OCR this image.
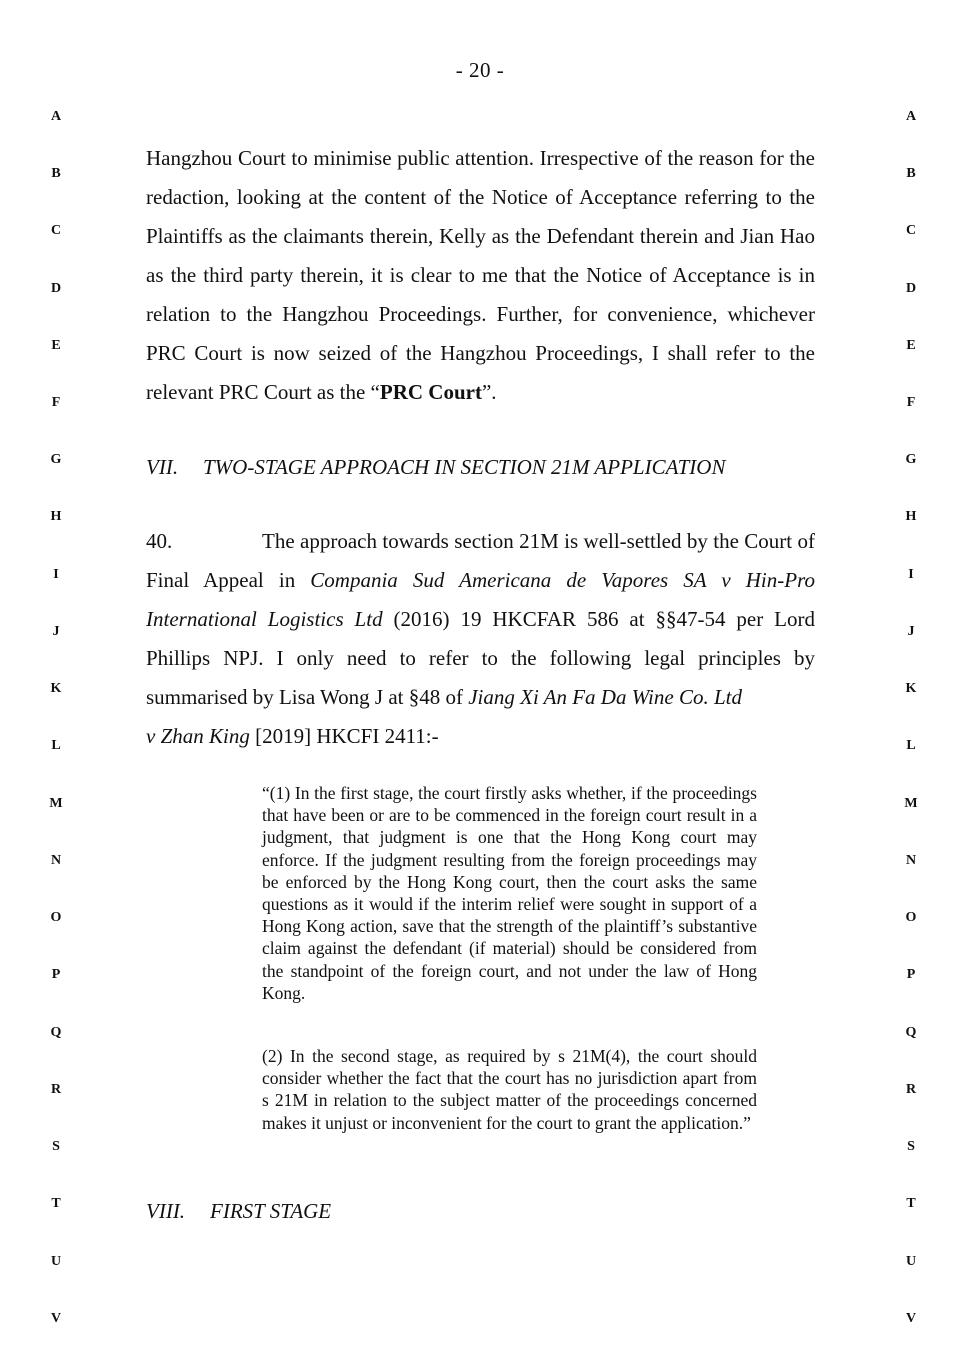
- 20 -
A
B
C
D
E
F
G
H
I
J
K
L
M
N
O
P
Q
R
S
T
U
V
A
B
C
D
E
F
G
H
I
J
K
L
M
N
O
P
Q
R
S
T
U
V
Hangzhou Court to minimise public attention. Irrespective of the reason for the redaction, looking at the content of the Notice of Acceptance referring to the Plaintiffs as the claimants therein, Kelly as the Defendant therein and Jian Hao as the third party therein, it is clear to me that the Notice of Acceptance is in relation to the Hangzhou Proceedings. Further, for convenience, whichever PRC Court is now seized of the Hangzhou Proceedings, I shall refer to the relevant PRC Court as the “PRC Court”.
VII. TWO-STAGE APPROACH IN SECTION 21M APPLICATION
40.	The approach towards section 21M is well-settled by the Court of Final Appeal in Compania Sud Americana de Vapores SA v Hin-Pro International Logistics Ltd (2016) 19 HKCFAR 586 at §§47-54 per Lord Phillips NPJ. I only need to refer to the following legal principles by summarised by Lisa Wong J at §48 of Jiang Xi An Fa Da Wine Co. Ltd
v Zhan King [2019] HKCFI 2411:-

“(1) In the first stage, the court firstly asks whether, if the proceedings that have been or are to be commenced in the foreign court result in a judgment, that judgment is one that the Hong Kong court may enforce. If the judgment resulting from the foreign proceedings may be enforced by the Hong Kong court, then the court asks the same questions as it would if the interim relief were sought in support of a Hong Kong action, save that the strength of the plaintiff’s substantive claim against the defendant (if material) should be considered from the standpoint of the foreign court, and not under the law of Hong Kong.

(2) In the second stage, as required by s 21M(4), the court should consider whether the fact that the court has no jurisdiction apart from s 21M in relation to the subject matter of the proceedings concerned makes it unjust or inconvenient for the court to grant the application.”

VIII. FIRST STAGE
